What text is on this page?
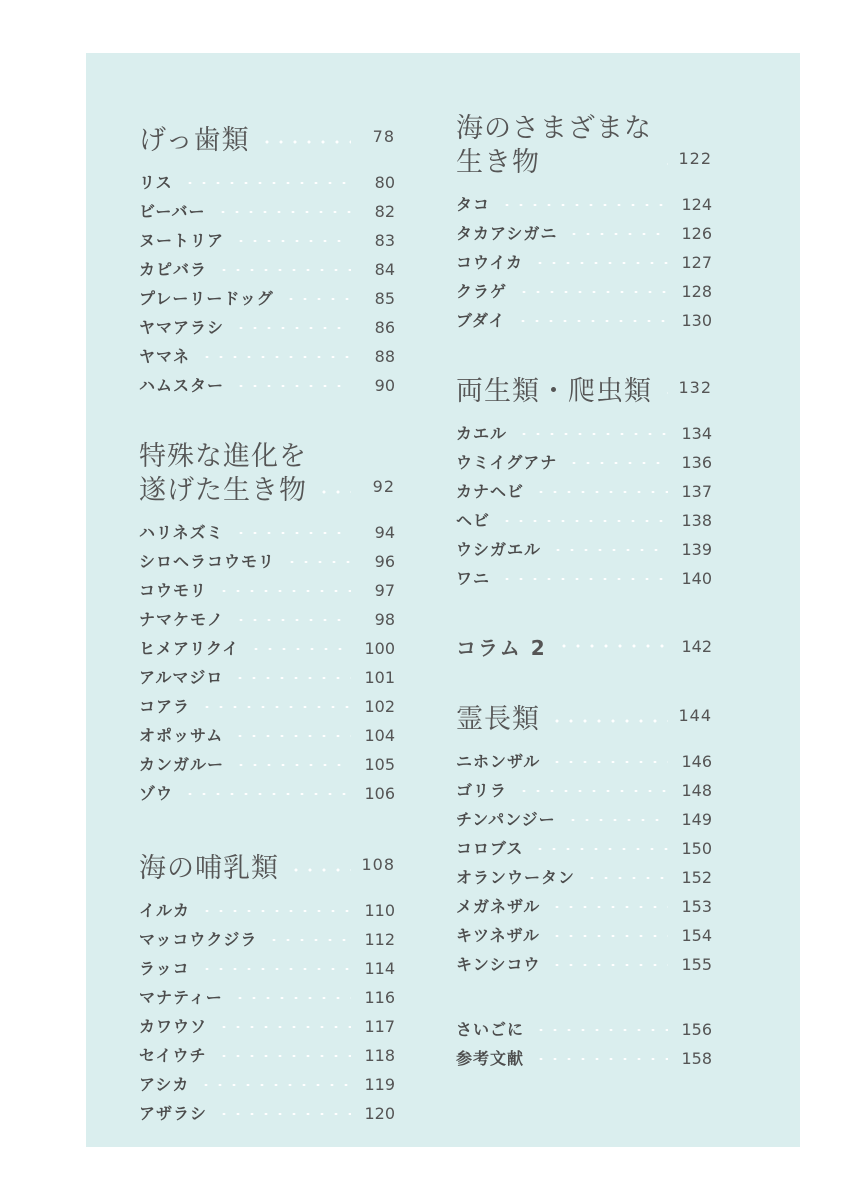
げっ歯類	78
リス	80
ビーバー	82
ヌートリア	83
カピバラ	84
プレーリードッグ	85
ヤマアラシ	86
ヤマネ	88
ハムスター	90
特殊な進化を
遂げた生き物	92
ハリネズミ	94
シロヘラコウモリ	96
コウモリ	97
ナマケモノ	98
ヒメアリクイ	100
アルマジロ	101
コアラ	102
オポッサム	104
カンガルー	105
ゾウ	106
海の哺乳類	108
イルカ	110
マッコウクジラ	112
ラッコ	114
マナティー	116
カワウソ	117
セイウチ	118
アシカ	119
アザラシ	120
海のさまざまな
生き物	122
タコ	124
タカアシガニ	126
コウイカ	127
クラゲ	128
ブダイ	130
両生類・爬虫類 132
カエル	134
ウミイグアナ	136
カナヘビ	137
ヘビ	138
ウシガエル	139
ワニ	140
コラム 2	142
霊長類	144
ニホンザル	146
ゴリラ	148
チンパンジー	149
コロブス	150
オランウータン	152
メガネザル	153
キツネザル	154
キンシコウ	155
さいごに	156
参考文献	158
